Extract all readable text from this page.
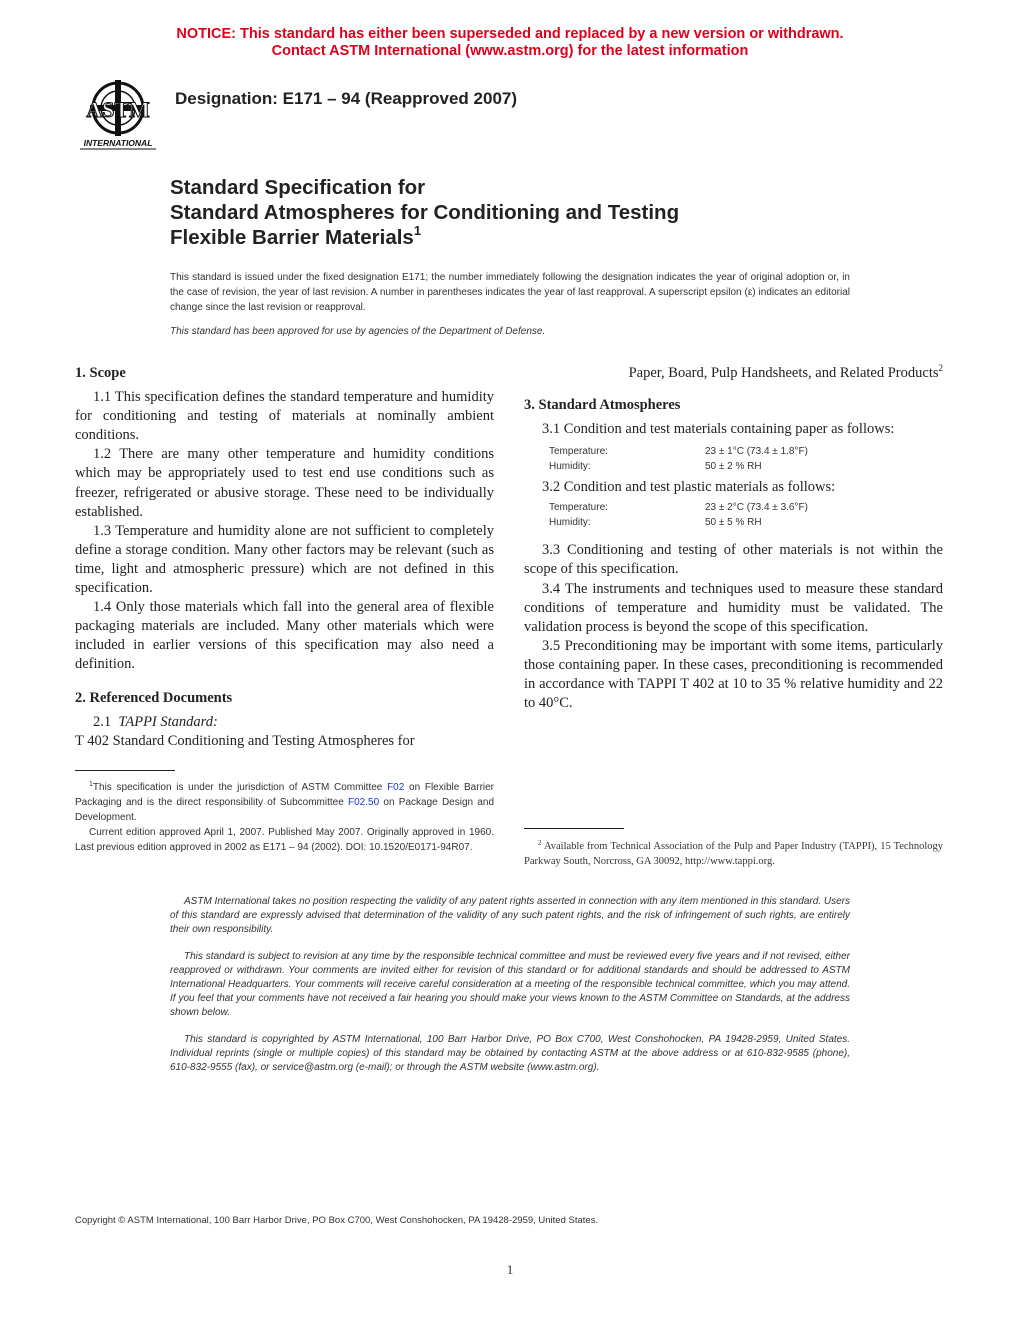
NOTICE: This standard has either been superseded and replaced by a new version or withdrawn.
Contact ASTM International (www.astm.org) for the latest information
ASTM
INTERNATIONAL
Designation: E171 – 94 (Reapproved 2007)
Standard Specification for
Standard Atmospheres for Conditioning and Testing
Flexible Barrier Materials$^1$
This standard is issued under the fixed designation E171; the number immediately following the designation indicates the year of original adoption or, in the case of revision, the year of last revision. A number in parentheses indicates the year of last reapproval. A superscript epsilon (ε) indicates an editorial change since the last revision or reapproval.
This standard has been approved for use by agencies of the Department of Defense.

1. Scope

1.1 This specification defines the standard temperature and humidity for conditioning and testing of materials at nominally ambient conditions.

1.2 There are many other temperature and humidity conditions which may be appropriately used to test end use conditions such as freezer, refrigerated or abusive storage. These need to be individually established.

1.3 Temperature and humidity alone are not sufficient to completely define a storage condition. Many other factors may be relevant (such as time, light and atmospheric pressure) which are not defined in this specification.

1.4 Only those materials which fall into the general area of flexible packaging materials are included. Many other materials which were included in earlier versions of this specification may also need a definition.

2. Referenced Documents

2.1 TAPPI Standard:

T 402 Standard Conditioning and Testing Atmospheres for

Paper, Board, Pulp Handsheets, and Related Products$^2$

3. Standard Atmospheres

3.1 Condition and test materials containing paper as follows:

Temperature:	23 ± 1°C (73.4 ± 1.8°F)
Humidity:	50 ± 2 % RH

3.2 Condition and test plastic materials as follows:

Temperature:	23 ± 2°C (73.4 ± 3.6°F)
Humidity:	50 ± 5 % RH

3.3 Conditioning and testing of other materials is not within the scope of this specification.

3.4 The instruments and techniques used to measure these standard conditions of temperature and humidity must be validated. The validation process is beyond the scope of this specification.

3.5 Preconditioning may be important with some items, particularly those containing paper. In these cases, preconditioning is recommended in accordance with TAPPI T 402 at 10 to 35 % relative humidity and 22 to 40°C.

$^1$This specification is under the jurisdiction of ASTM Committee F02 on Flexible Barrier Packaging and is the direct responsibility of Subcommittee F02.50 on Package Design and Development.
Current edition approved April 1, 2007. Published May 2007. Originally approved in 1960. Last previous edition approved in 2002 as E171 – 94 (2002). DOI: 10.1520/E0171-94R07.	$^2$ Available from Technical Association of the Pulp and Paper Industry (TAPPI), 15 Technology Parkway South, Norcross, GA 30092, http://www.tappi.org.

ASTM International takes no position respecting the validity of any patent rights asserted in connection with any item mentioned in this standard. Users of this standard are expressly advised that determination of the validity of any such patent rights, and the risk of infringement of such rights, are entirely their own responsibility.

This standard is subject to revision at any time by the responsible technical committee and must be reviewed every five years and if not revised, either reapproved or withdrawn. Your comments are invited either for revision of this standard or for additional standards and should be addressed to ASTM International Headquarters. Your comments will receive careful consideration at a meeting of the responsible technical committee, which you may attend. If you feel that your comments have not received a fair hearing you should make your views known to the ASTM Committee on Standards, at the address shown below.

This standard is copyrighted by ASTM International, 100 Barr Harbor Drive, PO Box C700, West Conshohocken, PA 19428-2959, United States. Individual reprints (single or multiple copies) of this standard may be obtained by contacting ASTM at the above address or at 610-832-9585 (phone), 610-832-9555 (fax), or service@astm.org (e-mail); or through the ASTM website (www.astm.org).

Copyright © ASTM International, 100 Barr Harbor Drive, PO Box C700, West Conshohocken, PA 19428-2959, United States.
1
